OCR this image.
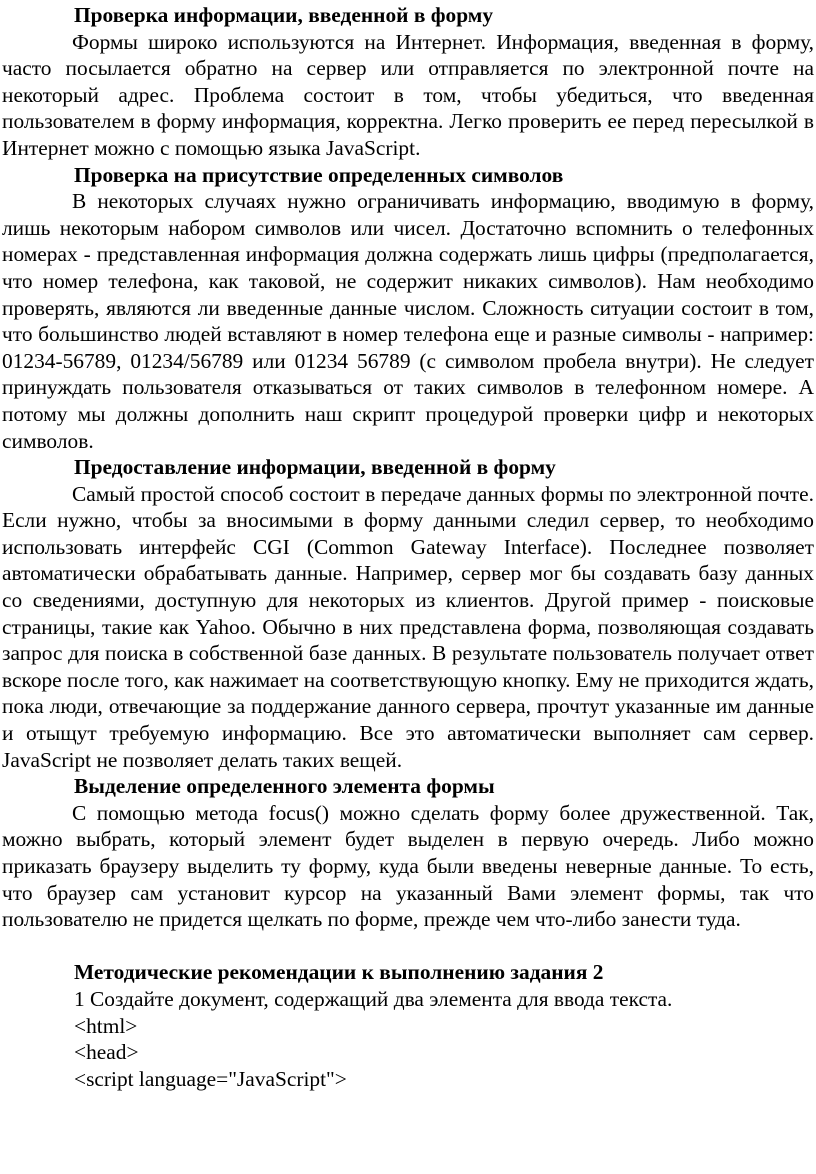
Проверка информации, введенной в форму

Формы широко используются на Интернет. Информация, введенная в форму, часто посылается обратно на сервер или отправляется по электронной почте на некоторый адрес. Проблема состоит в том, чтобы убедиться, что введенная пользователем в форму информация, корректна. Легко проверить ее перед пересылкой в Интернет можно с помощью языка JavaScript.

Проверка на присутствие определенных символов

В некоторых случаях нужно ограничивать информацию, вводимую в форму, лишь некоторым набором символов или чисел. Достаточно вспомнить о телефонных номерах - представленная информация должна содержать лишь цифры (предполагается, что номер телефона, как таковой, не содержит никаких символов). Нам необходимо проверять, являются ли введенные данные числом. Сложность ситуации состоит в том, что большинство людей вставляют в номер телефона еще и разные символы - например: 01234-56789, 01234/56789 или 01234 56789 (с символом пробела внутри). Не следует принуждать пользователя отказываться от таких символов в телефонном номере. А потому мы должны дополнить наш скрипт процедурой проверки цифр и некоторых символов.

Предоставление информации, введенной в форму

Самый простой способ состоит в передаче данных формы по электронной почте. Если нужно, чтобы за вносимыми в форму данными следил сервер, то необходимо использовать интерфейс CGI (Common Gateway Interface). Последнее позволяет автоматически обрабатывать данные. Например, сервер мог бы создавать базу данных со сведениями, доступную для некоторых из клиентов. Другой пример - поисковые страницы, такие как Yahoo. Обычно в них представлена форма, позволяющая создавать запрос для поиска в собственной базе данных. В результате пользователь получает ответ вскоре после того, как нажимает на соответствующую кнопку. Ему не приходится ждать, пока люди, отвечающие за поддержание данного сервера, прочтут указанные им данные и отыщут требуемую информацию. Все это автоматически выполняет сам сервер. JavaScript не позволяет делать таких вещей.

Выделение определенного элемента формы

С помощью метода focus() можно сделать форму более дружественной. Так, можно выбрать, который элемент будет выделен в первую очередь. Либо можно приказать браузеру выделить ту форму, куда были введены неверные данные. То есть, что браузер сам установит курсор на указанный Вами элемент формы, так что пользователю не придется щелкать по форме, прежде чем что-либо занести туда.

Методические рекомендации к выполнению задания 2

1 Создайте документ, содержащий два элемента для ввода текста.

<html>

<head>

<script language="JavaScript">
